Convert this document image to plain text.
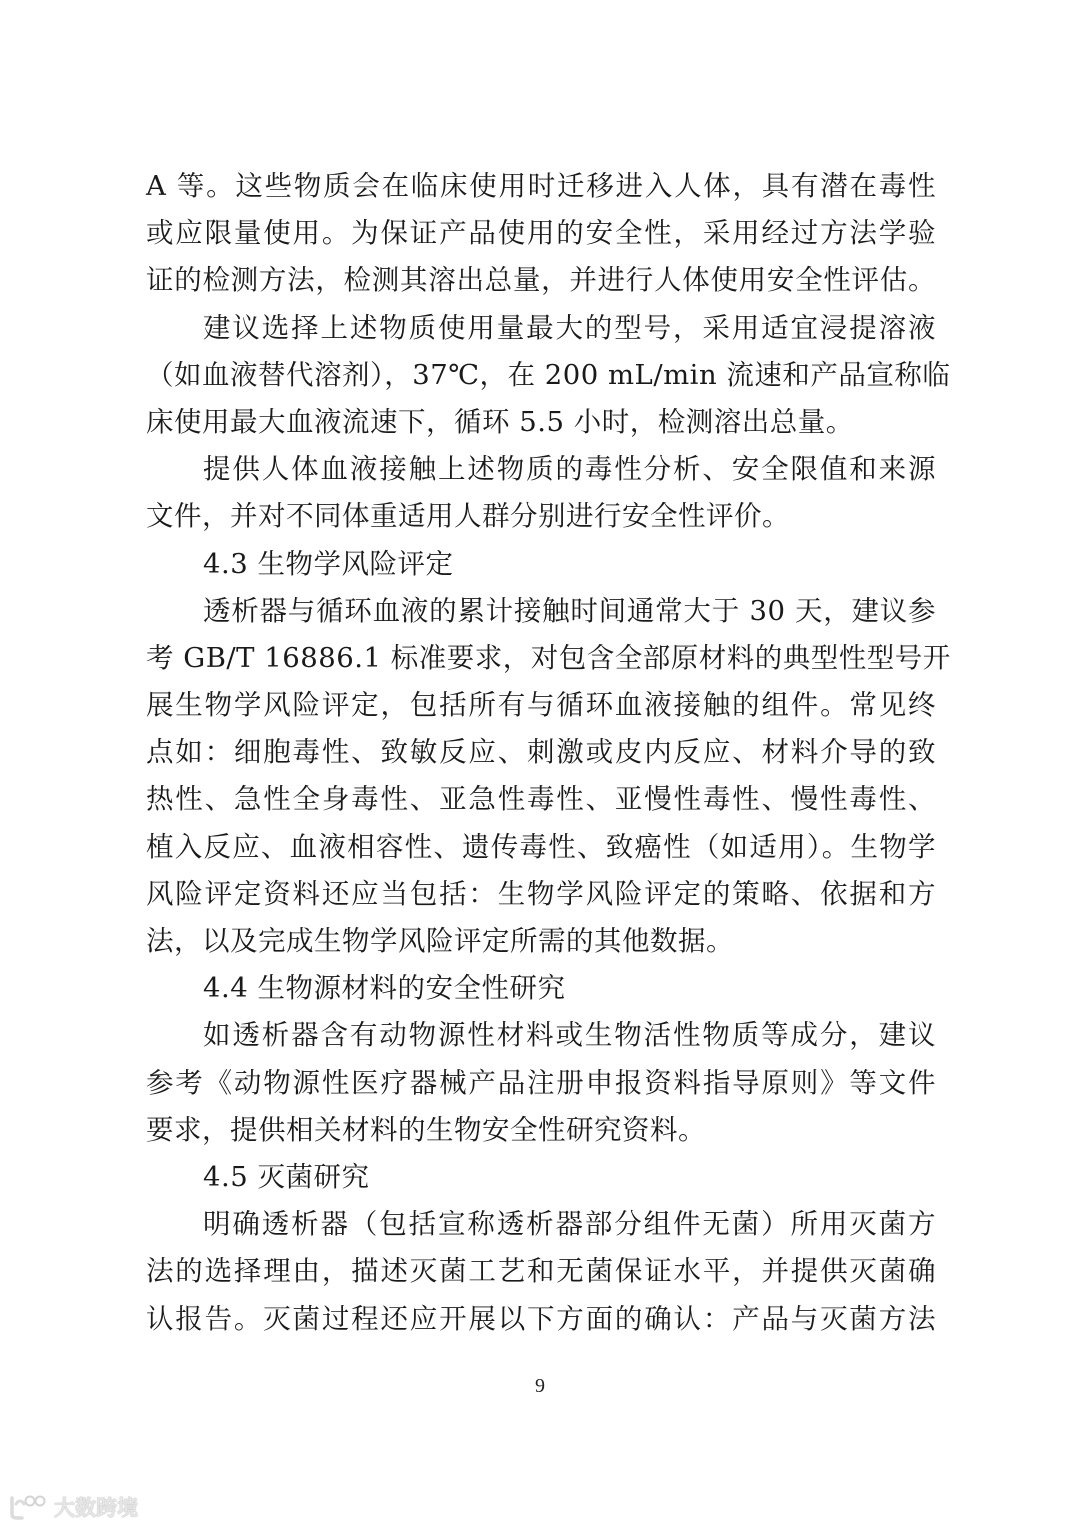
A 等。这些物质会在临床使用时迁移进入人体，具有潜在毒性
或应限量使用。为保证产品使用的安全性，采用经过方法学验
证的检测方法，检测其溶出总量，并进行人体使用安全性评估。
建议选择上述物质使用量最大的型号，采用适宜浸提溶液
（如血液替代溶剂），37℃，在 200 mL/min 流速和产品宣称临
床使用最大血液流速下，循环 5.5 小时，检测溶出总量。
提供人体血液接触上述物质的毒性分析、安全限值和来源
文件，并对不同体重适用人群分别进行安全性评价。
4.3 生物学风险评定
透析器与循环血液的累计接触时间通常大于 30 天，建议参
考 GB/T 16886.1 标准要求，对包含全部原材料的典型性型号开
展生物学风险评定，包括所有与循环血液接触的组件。常见终
点如：细胞毒性、致敏反应、刺激或皮内反应、材料介导的致
热性、急性全身毒性、亚急性毒性、亚慢性毒性、慢性毒性、
植入反应、血液相容性、遗传毒性、致癌性（如适用）。生物学
风险评定资料还应当包括：生物学风险评定的策略、依据和方
法，以及完成生物学风险评定所需的其他数据。
4.4 生物源材料的安全性研究
如透析器含有动物源性材料或生物活性物质等成分，建议
参考《动物源性医疗器械产品注册申报资料指导原则》等文件
要求，提供相关材料的生物安全性研究资料。
4.5 灭菌研究
明确透析器（包括宣称透析器部分组件无菌）所用灭菌方
法的选择理由，描述灭菌工艺和无菌保证水平，并提供灭菌确
认报告。灭菌过程还应开展以下方面的确认：产品与灭菌方法
9
大数跨境
